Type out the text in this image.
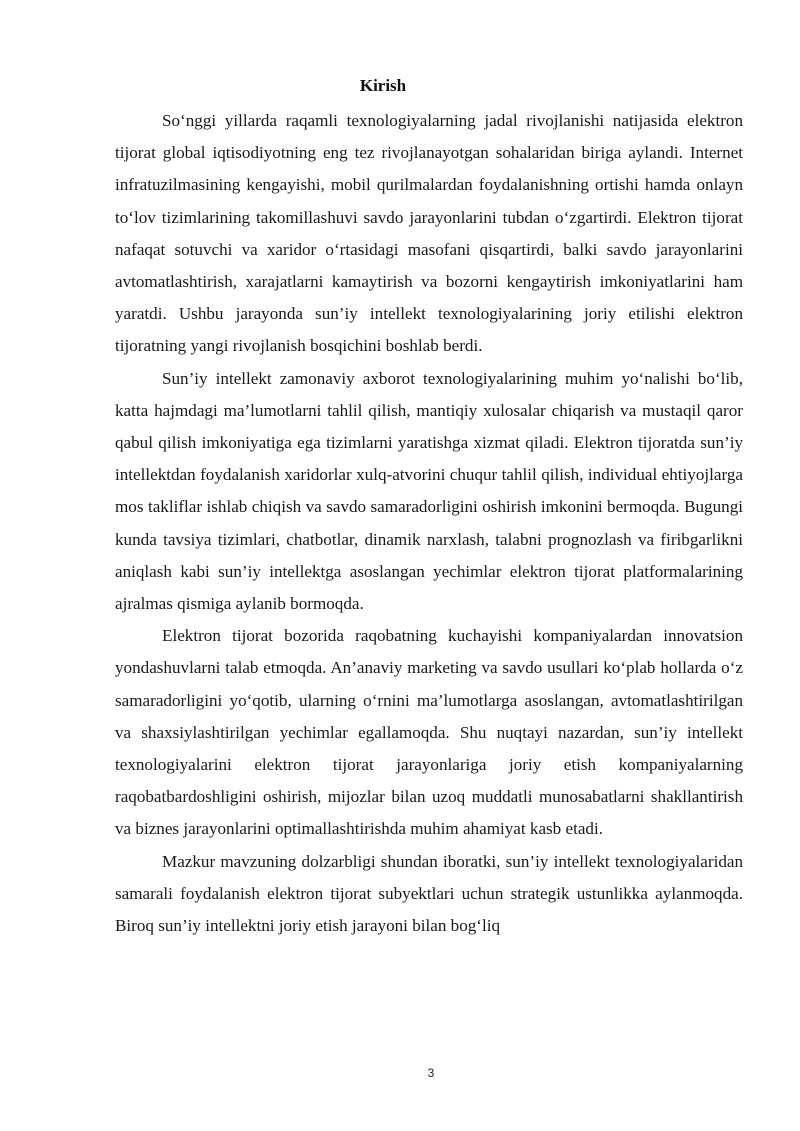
Kirish

So‘nggi yillarda raqamli texnologiyalarning jadal rivojlanishi natijasida elektron tijorat global iqtisodiyotning eng tez rivojlanayotgan sohalaridan biriga aylandi. Internet infratuzilmasining kengayishi, mobil qurilmalardan foydalanishning ortishi hamda onlayn to‘lov tizimlarining takomillashuvi savdo jarayonlarini tubdan o‘zgartirdi. Elektron tijorat nafaqat sotuvchi va xaridor o‘rtasidagi masofani qisqartirdi, balki savdo jarayonlarini avtomatlashtirish, xarajatlarni kamaytirish va bozorni kengaytirish imkoniyatlarini ham yaratdi. Ushbu jarayonda sun’iy intellekt texnologiyalarining joriy etilishi elektron tijoratning yangi rivojlanish bosqichini boshlab berdi.

Sun’iy intellekt zamonaviy axborot texnologiyalarining muhim yo‘nalishi bo‘lib, katta hajmdagi ma’lumotlarni tahlil qilish, mantiqiy xulosalar chiqarish va mustaqil qaror qabul qilish imkoniyatiga ega tizimlarni yaratishga xizmat qiladi. Elektron tijoratda sun’iy intellektdan foydalanish xaridorlar xulq-atvorini chuqur tahlil qilish, individual ehtiyojlarga mos takliflar ishlab chiqish va savdo samaradorligini oshirish imkonini bermoqda. Bugungi kunda tavsiya tizimlari, chatbotlar, dinamik narxlash, talabni prognozlash va firibgarlikni aniqlash kabi sun’iy intellektga asoslangan yechimlar elektron tijorat platformalarining ajralmas qismiga aylanib bormoqda.

Elektron tijorat bozorida raqobatning kuchayishi kompaniyalardan innovatsion yondashuvlarni talab etmoqda. An’anaviy marketing va savdo usullari ko‘plab hollarda o‘z samaradorligini yo‘qotib, ularning o‘rnini ma’lumotlarga asoslangan, avtomatlashtirilgan va shaxsiylashtirilgan yechimlar egallamoqda. Shu nuqtayi nazardan, sun’iy intellekt texnologiyalarini elektron tijorat jarayonlariga joriy etish kompaniyalarning raqobatbardoshligini oshirish, mijozlar bilan uzoq muddatli munosabatlarni shakllantirish va biznes jarayonlarini optimallashtirishda muhim ahamiyat kasb etadi.

Mazkur mavzuning dolzarbligi shundan iboratki, sun’iy intellekt texnologiyalaridan samarali foydalanish elektron tijorat subyektlari uchun strategik ustunlikka aylanmoqda. Biroq sun’iy intellektni joriy etish jarayoni bilan bog‘liq

3
